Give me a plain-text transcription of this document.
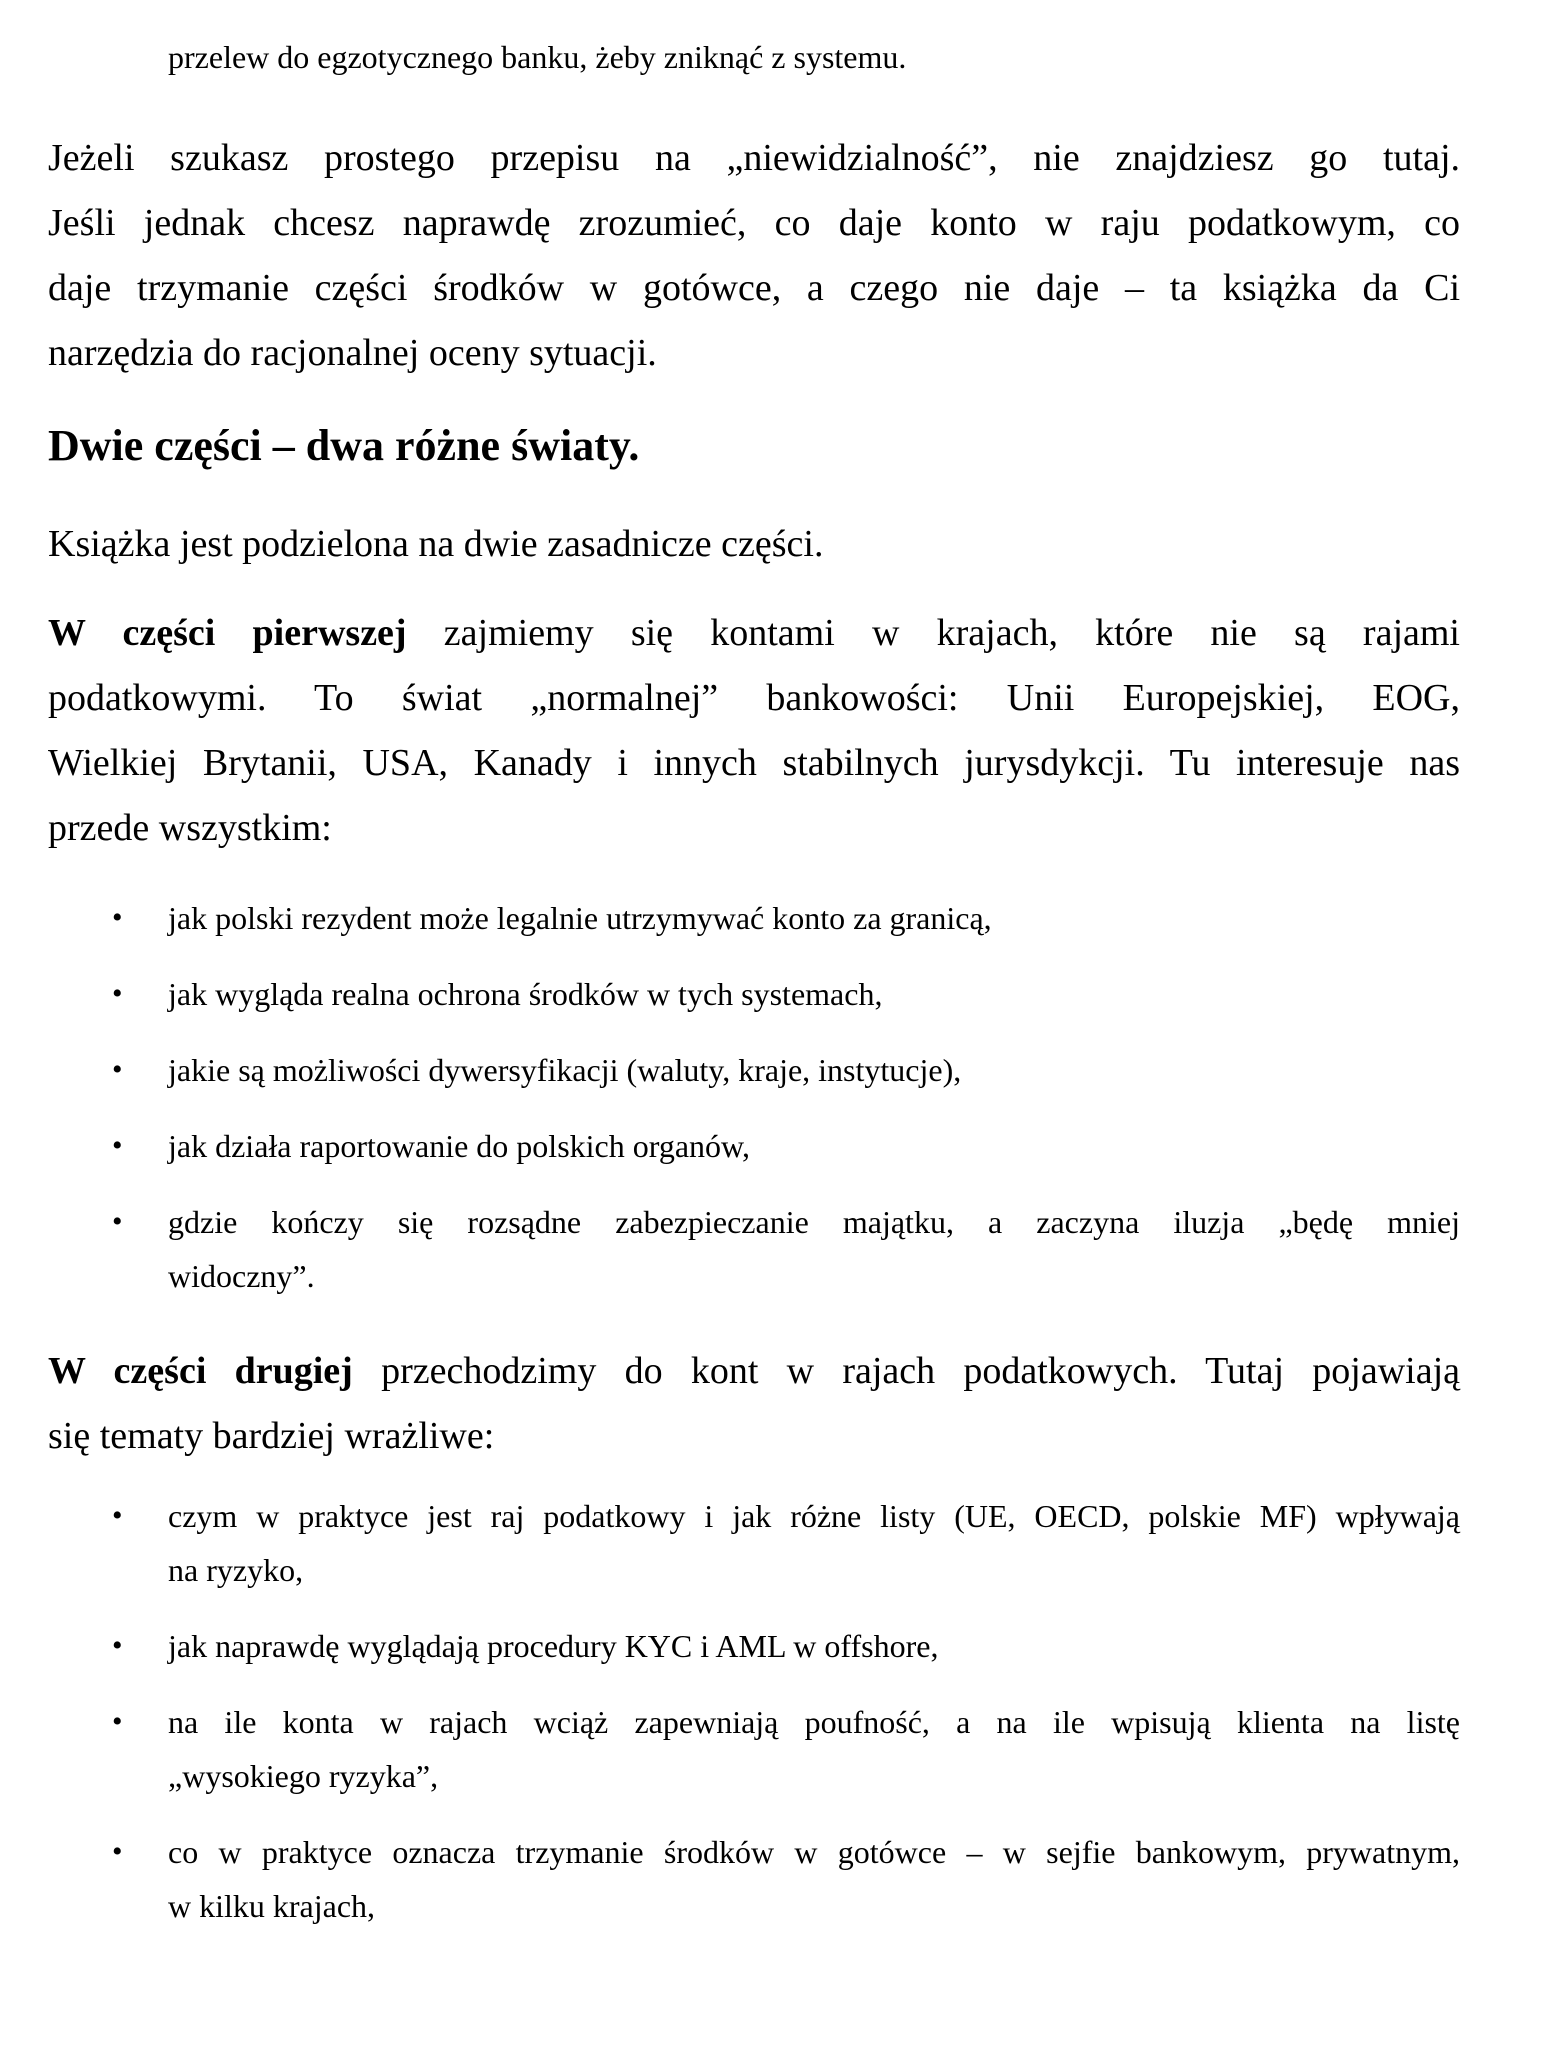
przelew do egzotycznego banku, żeby zniknąć z systemu.
Jeżeli szukasz prostego przepisu na „niewidzialność”, nie znajdziesz go tutaj.
Jeśli jednak chcesz naprawdę zrozumieć, co daje konto w raju podatkowym, co
daje trzymanie części środków w gotówce, a czego nie daje – ta książka da Ci
narzędzia do racjonalnej oceny sytuacji.
Dwie części – dwa różne światy.
Książka jest podzielona na dwie zasadnicze części.
W części pierwszej zajmiemy się kontami w krajach, które nie są rajami
podatkowymi. To świat „normalnej” bankowości: Unii Europejskiej, EOG,
Wielkiej Brytanii, USA, Kanady i innych stabilnych jurysdykcji. Tu interesuje nas
przede wszystkim:
• jak polski rezydent może legalnie utrzymywać konto za granicą,
• jak wygląda realna ochrona środków w tych systemach,
• jakie są możliwości dywersyfikacji (waluty, kraje, instytucje),
• jak działa raportowanie do polskich organów,
• gdzie kończy się rozsądne zabezpieczanie majątku, a zaczyna iluzja „będę mniej
widoczny”.
W części drugiej przechodzimy do kont w rajach podatkowych. Tutaj pojawiają
się tematy bardziej wrażliwe:
• czym w praktyce jest raj podatkowy i jak różne listy (UE, OECD, polskie MF) wpływają
na ryzyko,
• jak naprawdę wyglądają procedury KYC i AML w offshore,
• na ile konta w rajach wciąż zapewniają poufność, a na ile wpisują klienta na listę
„wysokiego ryzyka”,
• co w praktyce oznacza trzymanie środków w gotówce – w sejfie bankowym, prywatnym,
w kilku krajach,
